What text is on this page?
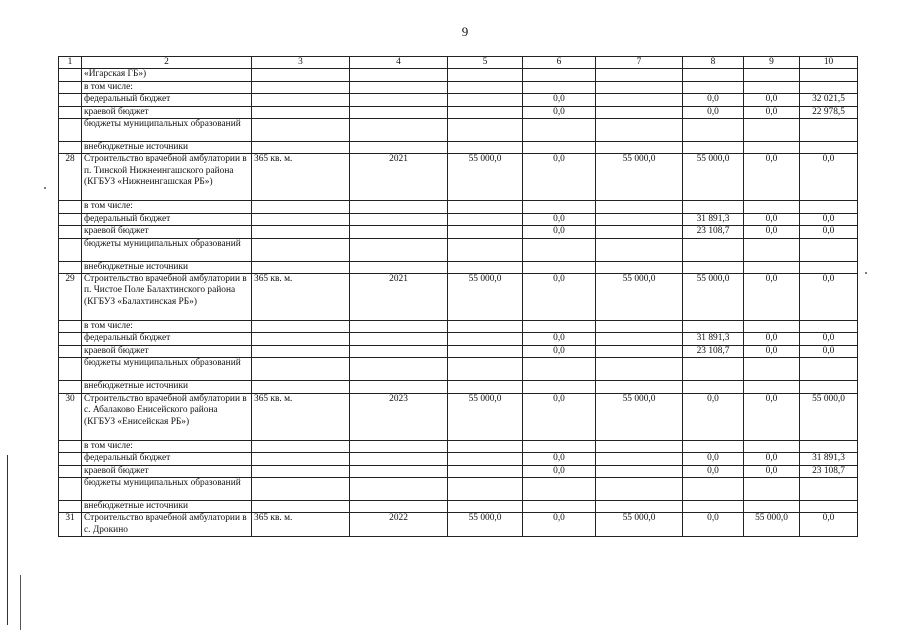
9
1	2	3	4	5	6	7	8	9	10
	«Игарская ГБ»)								
	в том числе:								
	федеральный бюджет				0,0		0,0	0,0	32 021,5
	краевой бюджет				0,0		0,0	0,0	22 978,5
	бюджеты муниципальных образований								
	внебюджетные источники								
28	Строительство врачебной амбулатории в п. Тинской Нижнеингашского района (КГБУЗ «Нижнеингашская РБ»)	365 кв. м.	2021	55 000,0	0,0	55 000,0	55 000,0	0,0	0,0
	в том числе:								
	федеральный бюджет				0,0		31 891,3	0,0	0,0
	краевой бюджет				0,0		23 108,7	0,0	0,0
	бюджеты муниципальных образований								
	внебюджетные источники								
29	Строительство врачебной амбулатории в п. Чистое Поле Балахтинского района (КГБУЗ «Балахтинская РБ»)	365 кв. м.	2021	55 000,0	0,0	55 000,0	55 000,0	0,0	0,0
	в том числе:								
	федеральный бюджет				0,0		31 891,3	0,0	0,0
	краевой бюджет				0,0		23 108,7	0,0	0,0
	бюджеты муниципальных образований								
	внебюджетные источники								
30	Строительство врачебной амбулатории в с. Абалаково Енисейского района (КГБУЗ «Енисейская РБ»)	365 кв. м.	2023	55 000,0	0,0	55 000,0	0,0	0,0	55 000,0
	в том числе:								
	федеральный бюджет				0,0		0,0	0,0	31 891,3
	краевой бюджет				0,0		0,0	0,0	23 108,7
	бюджеты муниципальных образований								
	внебюджетные источники								
31	Строительство врачебной амбулатории в с. Дрокино	365 кв. м.	2022	55 000,0	0,0	55 000,0	0,0	55 000,0	0,0
